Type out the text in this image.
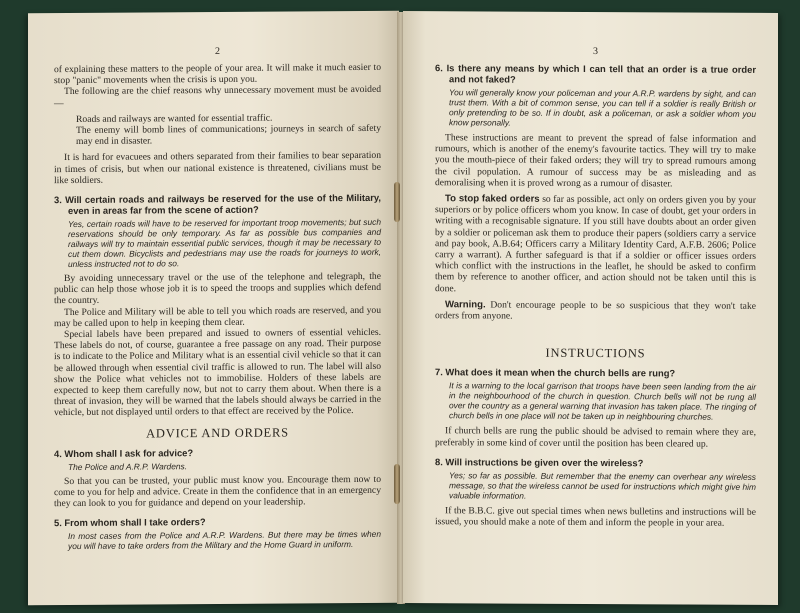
2

of explaining these matters to the people of your area. It will make it much easier to stop "panic" movements when the crisis is upon you.

The following are the chief reasons why unnecessary movement must be avoided—

Roads and railways are wanted for essential traffic.

The enemy will bomb lines of communications; journeys in search of safety may end in disaster.

It is hard for evacuees and others separated from their families to bear separation in times of crisis, but when our national existence is threatened, civilians must be like soldiers.

3. Will certain roads and railways be reserved for the use of the Military, even in areas far from the scene of action?
Yes, certain roads will have to be reserved for important troop movements; but such reservations should be only temporary. As far as possible bus companies and railways will try to maintain essential public services, though it may be necessary to cut them down. Bicyclists and pedestrians may use the roads for journeys to work, unless instructed not to do so.

By avoiding unnecessary travel or the use of the telephone and telegraph, the public can help those whose job it is to speed the troops and supplies which defend the country.

The Police and Military will be able to tell you which roads are reserved, and you may be called upon to help in keeping them clear.

Special labels have been prepared and issued to owners of essential vehicles. These labels do not, of course, guarantee a free passage on any road. Their purpose is to indicate to the Police and Military what is an essential civil vehicle so that it can be allowed through when essential civil traffic is allowed to run. The label will also show the Police what vehicles not to immobilise. Holders of these labels are expected to keep them carefully now, but not to carry them about. When there is a threat of invasion, they will be warned that the labels should always be carried in the vehicle, but not displayed until orders to that effect are received by the Police.

ADVICE AND ORDERS
4. Whom shall I ask for advice?
The Police and A.R.P. Wardens.

So that you can be trusted, your public must know you. Encourage them now to come to you for help and advice. Create in them the confidence that in an emergency they can look to you for guidance and depend on your leadership.

5. From whom shall I take orders?
In most cases from the Police and A.R.P. Wardens. But there may be times when you will have to take orders from the Military and the Home Guard in uniform.
3
6. Is there any means by which I can tell that an order is a true order and not faked?
You will generally know your policeman and your A.R.P. wardens by sight, and can trust them. With a bit of common sense, you can tell if a soldier is really British or only pretending to be so. If in doubt, ask a policeman, or ask a soldier whom you know personally.

These instructions are meant to prevent the spread of false information and rumours, which is another of the enemy's favourite tactics. They will try to make you the mouth-piece of their faked orders; they will try to spread rumours among the civil population. A rumour of success may be as misleading and as demoralising when it is proved wrong as a rumour of disaster.

To stop faked orders so far as possible, act only on orders given you by your superiors or by police officers whom you know. In case of doubt, get your orders in writing with a recognisable signature. If you still have doubts about an order given by a soldier or policeman ask them to produce their papers (soldiers carry a service and pay book, A.B.64; Officers carry a Military Identity Card, A.F.B. 2606; Police carry a warrant). A further safeguard is that if a soldier or officer issues orders which conflict with the instructions in the leaflet, he should be asked to confirm them by reference to another officer, and action should not be taken until this is done.

Warning. Don't encourage people to be so suspicious that they won't take orders from anyone.

INSTRUCTIONS
7. What does it mean when the church bells are rung?
It is a warning to the local garrison that troops have been seen landing from the air in the neighbourhood of the church in question. Church bells will not be rung all over the country as a general warning that invasion has taken place. The ringing of church bells in one place will not be taken up in neighbouring churches.

If church bells are rung the public should be advised to remain where they are, preferably in some kind of cover until the position has been cleared up.

8. Will instructions be given over the wireless?
Yes; so far as possible. But remember that the enemy can overhear any wireless message, so that the wireless cannot be used for instructions which might give him valuable information.

If the B.B.C. give out special times when news bulletins and instructions will be issued, you should make a note of them and inform the people in your area.
